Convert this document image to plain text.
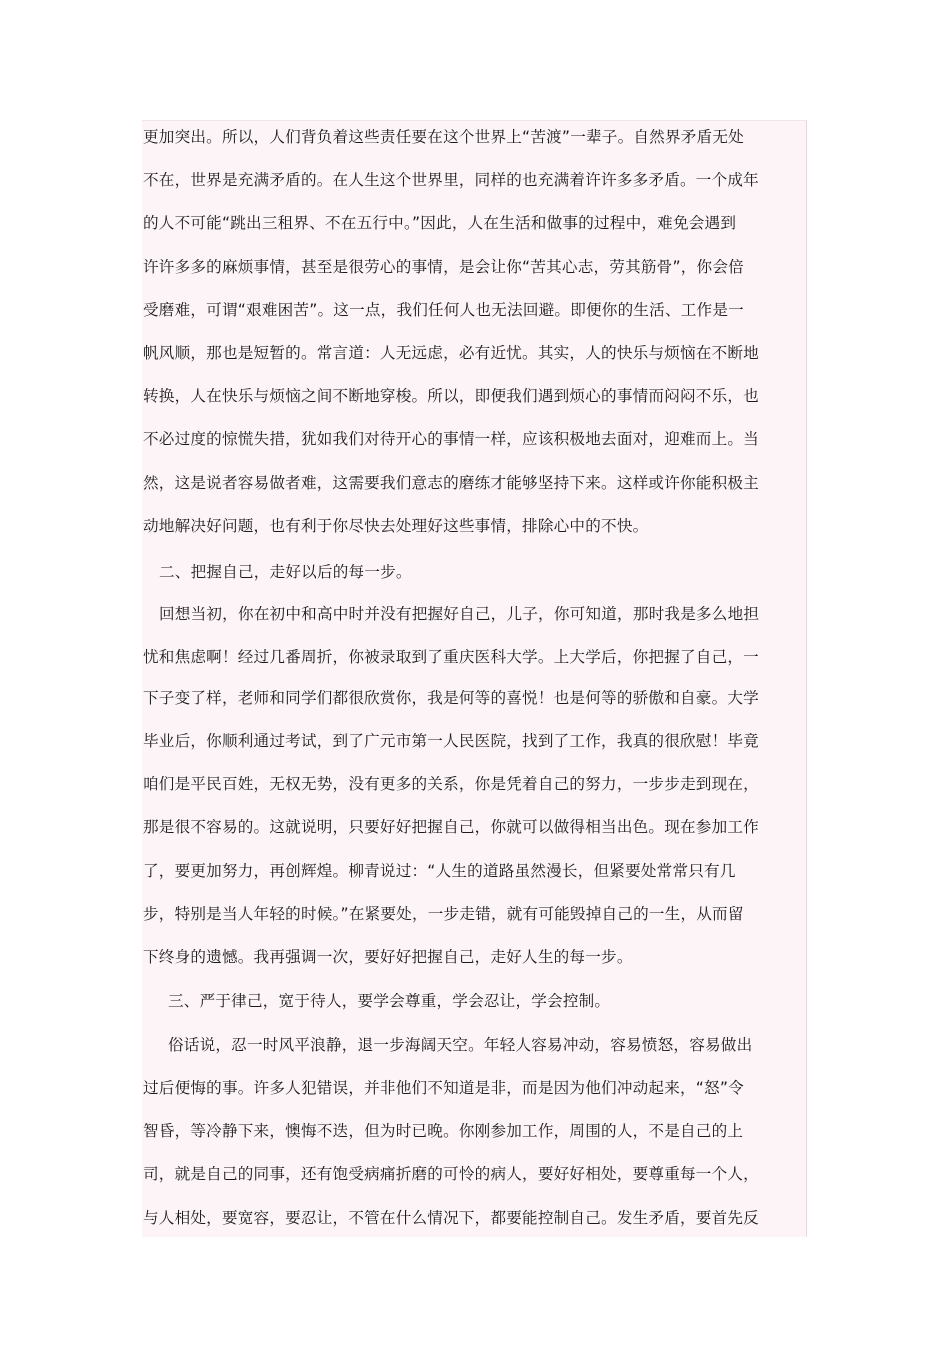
更加突出。所以，人们背负着这些责任要在这个世界上“苦渡”一辈子。自然界矛盾无处
不在，世界是充满矛盾的。在人生这个世界里，同样的也充满着许许多多矛盾。一个成年
的人不可能“跳出三租界、不在五行中。”因此，人在生活和做事的过程中，难免会遇到
许许多多的麻烦事情，甚至是很劳心的事情，是会让你“苦其心志，劳其筋骨”，你会倍
受磨难，可谓“艰难困苦”。这一点，我们任何人也无法回避。即便你的生活、工作是一
帆风顺，那也是短暂的。常言道：人无远虑，必有近忧。其实，人的快乐与烦恼在不断地
转换，人在快乐与烦恼之间不断地穿梭。所以，即便我们遇到烦心的事情而闷闷不乐，也
不必过度的惊慌失措，犹如我们对待开心的事情一样，应该积极地去面对，迎难而上。当
然，这是说者容易做者难，这需要我们意志的磨练才能够坚持下来。这样或许你能积极主
动地解决好问题，也有利于你尽快去处理好这些事情，排除心中的不快。
二、把握自己，走好以后的每一步。
回想当初，你在初中和高中时并没有把握好自己，儿子，你可知道，那时我是多么地担
忧和焦虑啊！经过几番周折，你被录取到了重庆医科大学。上大学后，你把握了自己，一
下子变了样，老师和同学们都很欣赏你，我是何等的喜悦！也是何等的骄傲和自豪。大学
毕业后，你顺利通过考试，到了广元市第一人民医院，找到了工作，我真的很欣慰！毕竟
咱们是平民百姓，无权无势，没有更多的关系，你是凭着自己的努力，一步步走到现在，
那是很不容易的。这就说明，只要好好把握自己，你就可以做得相当出色。现在参加工作
了，要更加努力，再创辉煌。柳青说过：“人生的道路虽然漫长，但紧要处常常只有几
步，特别是当人年轻的时候。”在紧要处，一步走错，就有可能毁掉自己的一生，从而留
下终身的遗憾。我再强调一次，要好好把握自己，走好人生的每一步。
三、严于律己，宽于待人，要学会尊重，学会忍让，学会控制。
俗话说，忍一时风平浪静，退一步海阔天空。年轻人容易冲动，容易愤怒，容易做出
过后便悔的事。许多人犯错误，并非他们不知道是非，而是因为他们冲动起来，“怒”令
智昏，等冷静下来，懊悔不迭，但为时已晚。你刚参加工作，周围的人，不是自己的上
司，就是自己的同事，还有饱受病痛折磨的可怜的病人，要好好相处，要尊重每一个人，
与人相处，要宽容，要忍让，不管在什么情况下，都要能控制自己。发生矛盾，要首先反
